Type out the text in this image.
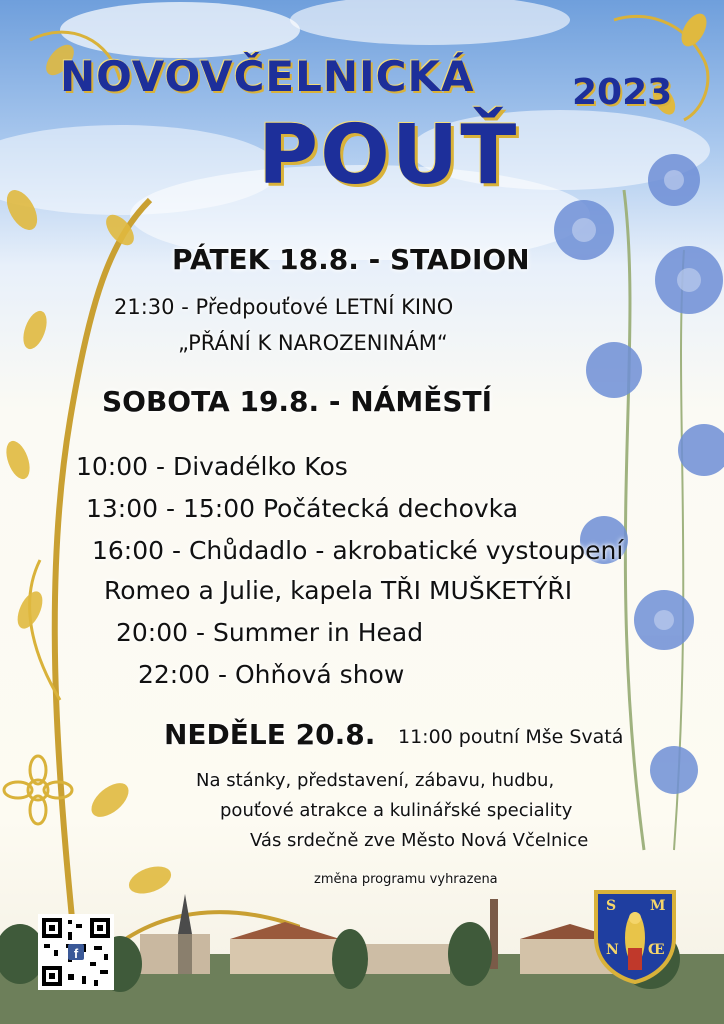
f
S M
N Œ
NOVOVČELNICKÁ	2023
POUŤ
PÁTEK 18.8. - STADION
21:30 - Předpouťové LETNÍ KINO
„PŘÁNÍ K NAROZENINÁM“
SOBOTA 19.8. - NÁMĚSTÍ
10:00 - Divadélko Kos
13:00 - 15:00 Počátecká dechovka
16:00 - Chůdadlo - akrobatické vystoupení
Romeo a Julie, kapela TŘI MUŠKETÝŘI
20:00 - Summer in Head
22:00 - Ohňová show
NEDĚLE 20.8. 11:00 poutní Mše Svatá
Na stánky, představení, zábavu, hudbu,
pouťové atrakce a kulinářské speciality
Vás srdečně zve Město Nová Včelnice
změna programu vyhrazena
